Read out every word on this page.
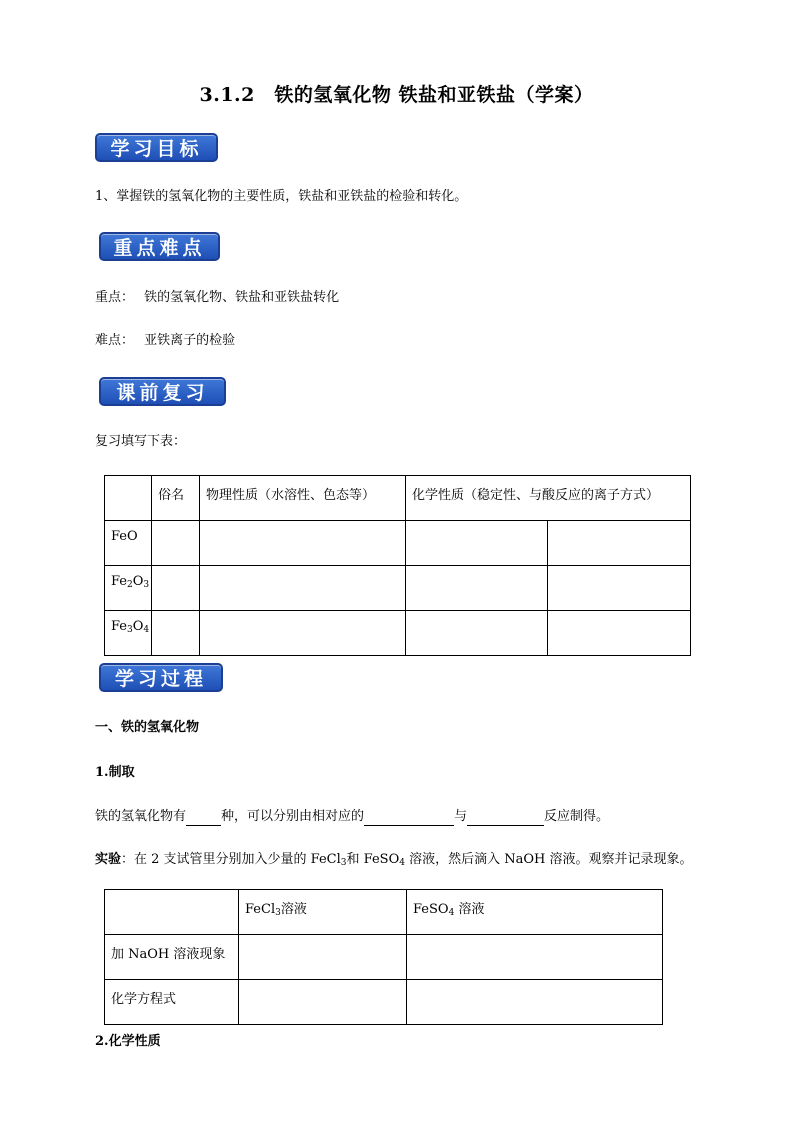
3.1.2　铁的氢氧化物 铁盐和亚铁盐（学案）
学习目标
1、掌握铁的氢氧化物的主要性质，铁盐和亚铁盐的检验和转化。
重点难点
重点： 铁的氢氧化物、铁盐和亚铁盐转化
难点： 亚铁离子的检验
课前复习
复习填写下表：
	俗名	物理性质（水溶性、色态等）	化学性质（稳定性、与酸反应的离子方式）	
FeO				
$Fe_2O_3$				
$Fe_3O_4$				
学习过程
一、铁的氢氧化物
1.制取
铁的氢氧化物有	种，可以分别由相对应的	与	反应制得。
实验：在 2 支试管里分别加入少量的 FeCl$_3$和 FeSO$_4$ 溶液，然后滴入 NaOH 溶液。观察并记录现象。
	FeCl$_3$溶液	FeSO$_4$ 溶液
加 NaOH 溶液现象		
化学方程式		
2.化学性质
